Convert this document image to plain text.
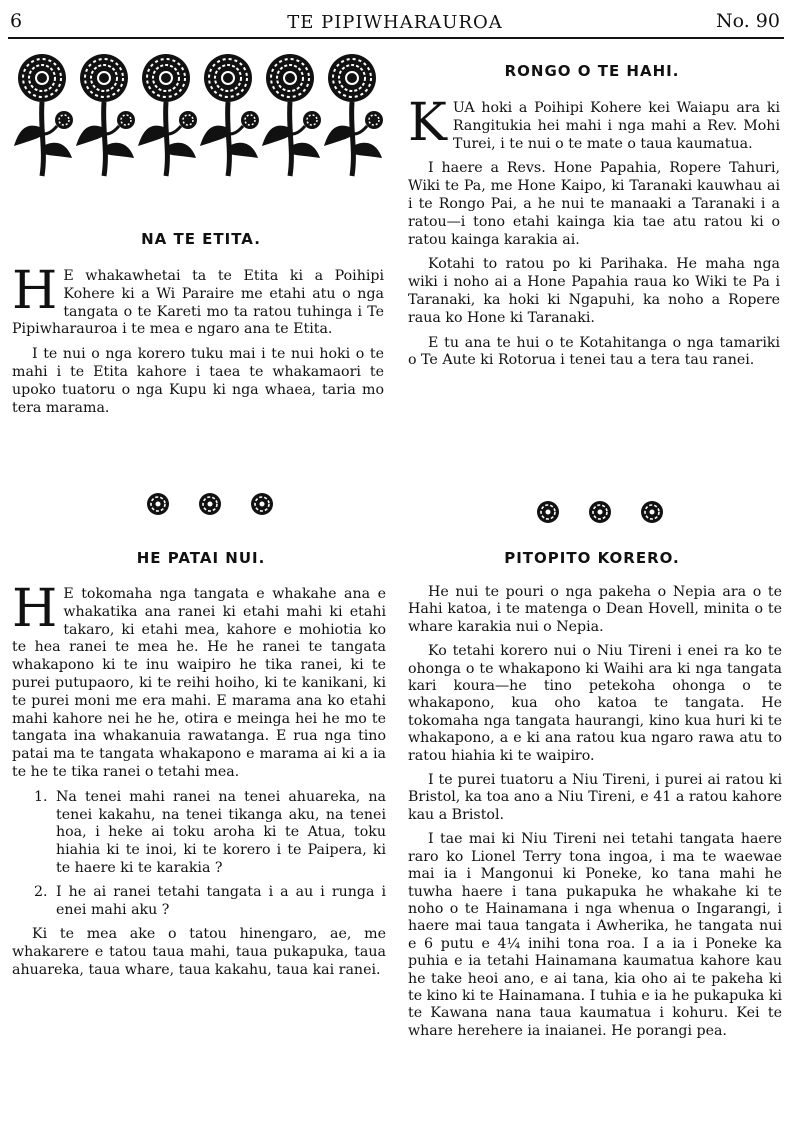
TE PIPIWHARAUROA
6	No. 90
NA TE ETITA.

H E whakawhetai ta te Etita ki a Poihipi Kohere ki a Wi Paraire me etahi atu o nga tangata o te Kareti mo ta ratou tuhinga i Te Pipiwharauroa i te mea e ngaro ana te Etita.

I te nui o nga korero tuku mai i te nui hoki o te mahi i te Etita kahore i taea te whakamaori te upoko tuatoru o nga Kupu ki nga whaea, taria mo tera marama.

HE PATAI NUI.

H E tokomaha nga tangata e whakahe ana e whakatika ana ranei ki etahi mahi ki etahi takaro, ki etahi mea, kahore e mohiotia ko te hea ranei te mea he. He he ranei te tangata whakapono ki te inu waipiro he tika ranei, ki te purei putupaoro, ki te reihi hoiho, ki te kanikani, ki te purei moni me era mahi. E marama ana ko etahi mahi kahore nei he he, otira e meinga hei he mo te tangata ina whakanuia rawatanga. E rua nga tino patai ma te tangata whakapono e marama ai ki a ia te he te tika ranei o tetahi mea.

1. Na tenei mahi ranei na tenei ahuareka, na tenei kakahu, na tenei tikanga aku, na tenei hoa, i heke ai toku aroha ki te Atua, toku hiahia ki te inoi, ki te korero i te Paipera, ki te haere ki te karakia ?
2. I he ai ranei tetahi tangata i a au i runga i enei mahi aku ?

Ki te mea ake o tatou hinengaro, ae, me whakarere e tatou taua mahi, taua pukapuka, taua ahuareka, taua whare, taua kakahu, taua kai ranei.

RONGO O TE HAHI.

KUA hoki a Poihipi Kohere kei Waiapu ara ki Rangitukia hei mahi i nga mahi a Rev. Mohi Turei, i te nui o te mate o taua kaumatua.

I haere a Revs. Hone Papahia, Ropere Tahuri, Wiki te Pa, me Hone Kaipo, ki Taranaki kauwhau ai i te Rongo Pai, a he nui te manaaki a Taranaki i a ratou—i tono etahi kainga kia tae atu ratou ki o ratou kainga karakia ai.

Kotahi to ratou po ki Parihaka. He maha nga wiki i noho ai a Hone Papahia raua ko Wiki te Pa i Taranaki, ka hoki ki Ngapuhi, ka noho a Ropere raua ko Hone ki Taranaki.

E tu ana te hui o te Kotahitanga o nga tamariki o Te Aute ki Rotorua i tenei tau a tera tau ranei.

PITOPITO KORERO.

He nui te pouri o nga pakeha o Nepia ara o te Hahi katoa, i te matenga o Dean Hovell, minita o te whare karakia nui o Nepia.

Ko tetahi korero nui o Niu Tireni i enei ra ko te ohonga o te whakapono ki Waihi ara ki nga tangata kari koura—he tino petekoha ohonga o te whakapono, kua oho katoa te tangata. He tokomaha nga tangata haurangi, kino kua huri ki te whakapono, a e ki ana ratou kua ngaro rawa atu to ratou hiahia ki te waipiro.

I te purei tuatoru a Niu Tireni, i purei ai ratou ki Bristol, ka toa ano a Niu Tireni, e 41 a ratou kahore kau a Bristol.

I tae mai ki Niu Tireni nei tetahi tangata haere raro ko Lionel Terry tona ingoa, i ma te waewae mai ia i Mangonui ki Poneke, ko tana mahi he tuwha haere i tana pukapuka he whakahe ki te noho o te Hainamana i nga whenua o Ingarangi, i haere mai taua tangata i Awherika, he tangata nui e 6 putu e 4¼ inihi tona roa. I a ia i Poneke ka puhia e ia tetahi Hainamana kaumatua kahore kau he take heoi ano, e ai tana, kia oho ai te pakeha ki te kino ki te Hainamana. I tuhia e ia he pukapuka ki te Kawana nana taua kaumatua i kohuru. Kei te whare herehere ia inaianei. He porangi pea.
